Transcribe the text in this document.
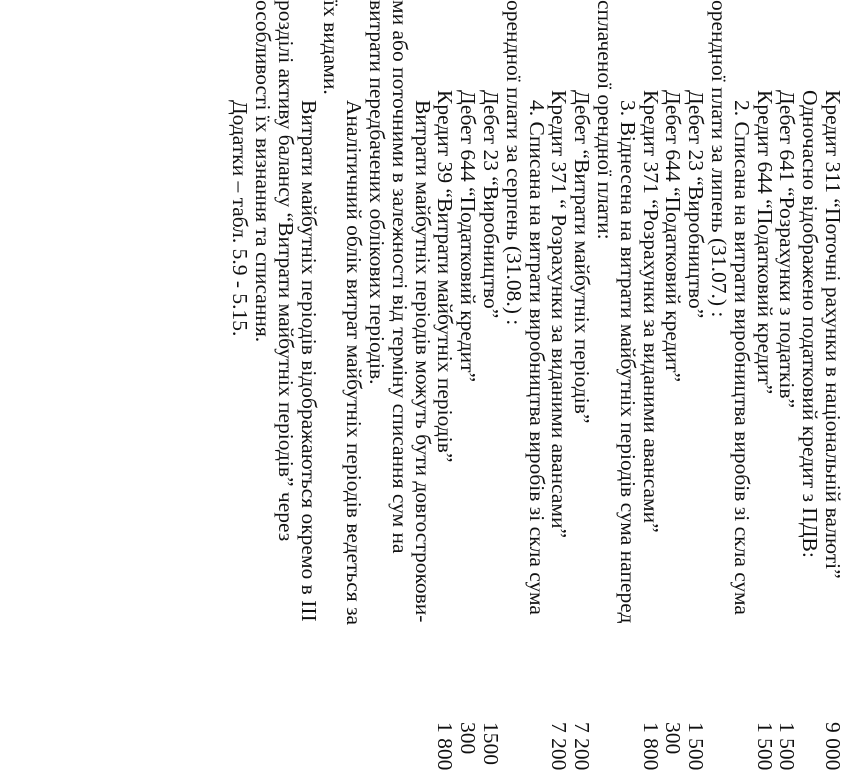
Кредит 311 “Поточні рахунки в національній валюті”
9 000
Одночасно відображено податковий кредит з ПДВ:
Дебет 641 “Розрахунки з податків”
1 500
Кредит 644 “Податковий кредит”
1 500
2. Списана на витрати виробництва виробів зі скла сума
орендної плати за липень (31.07.) :
Дебет 23 “Виробництво”
1 500
Дебет 644 “Податковий кредит”
300
Кредит 371 “Розрахунки за виданими авансами”
1 800
3. Віднесена на витрати майбутніх періодів сума наперед
сплаченої орендної плати:
Дебет “Витрати майбутніх періодів”
7 200
Кредит 371 “ Розрахунки за виданими авансами”
7 200
4. Списана на витрати виробництва виробів зі скла сума
орендної плати за серпень (31.08.) :
Дебет 23 “Виробництво”
1500
Дебет 644 “Податковий кредит”
300
Кредит 39 “Витрати майбутніх періодів”
1 800
Витрати майбутніх періодів можуть бути довгострокови-
ми або поточними в залежності від терміну списання сум на
витрати передбачених облікових періодів.
Аналітичний облік витрат майбутніх періодів ведеться за
їх видами.
Витрати майбутніх періодів відображаються окремо в ІІІ
розділі активу балансу “Витрати майбутніх періодів” через
особливості їх визнання та списання.
Додатки – табл. 5.9 - 5.15.
